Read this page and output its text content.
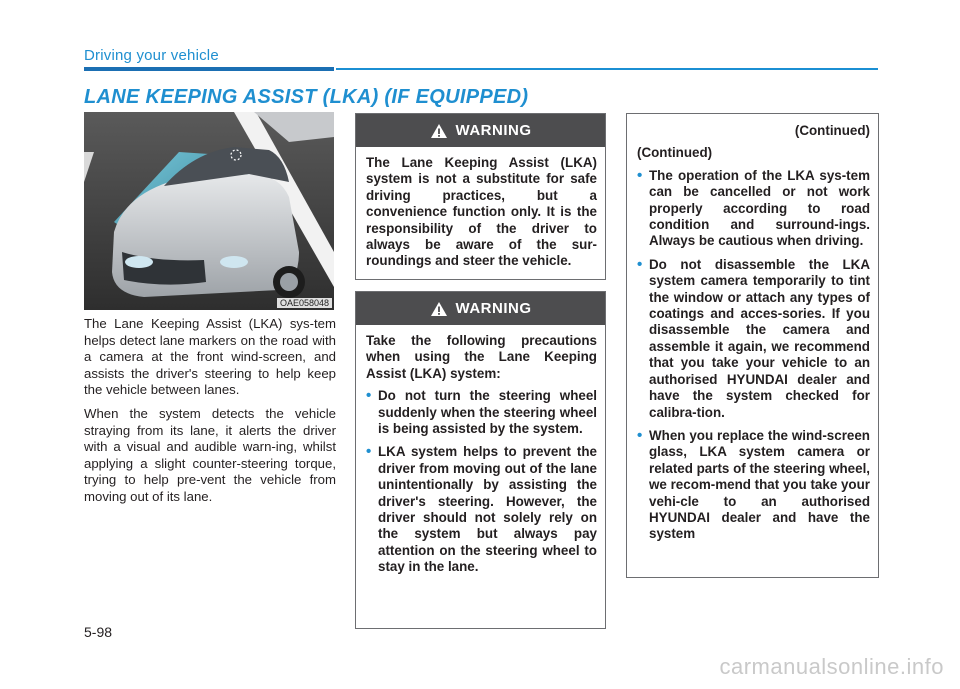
Driving your vehicle
LANE KEEPING ASSIST (LKA) (IF EQUIPPED)
OAE058048

The Lane Keeping Assist (LKA) sys-tem helps detect lane markers on the road with a camera at the front wind-screen, and assists the driver's steering to help keep the vehicle between lanes.

When the system detects the vehicle straying from its lane, it alerts the driver with a visual and audible warn-ing, whilst applying a slight counter-steering torque, trying to help pre-vent the vehicle from moving out of its lane.

WARNING

The Lane Keeping Assist (LKA) system is not a substitute for safe driving practices, but a convenience function only. It is the responsibility of the driver to always be aware of the sur-roundings and steer the vehicle.

WARNING

Take the following precautions when using the Lane Keeping Assist (LKA) system:

• Do not turn the steering wheel suddenly when the steering wheel is being assisted by the system.
• LKA system helps to prevent the driver from moving out of the lane unintentionally by assisting the driver's steering. However, the driver should not solely rely on the system but always pay attention on the steering wheel to stay in the lane.

(Continued)

(Continued)

• The operation of the LKA sys-tem can be cancelled or not work properly according to road condition and surround-ings. Always be cautious when driving.
• Do not disassemble the LKA system camera temporarily to tint the window or attach any types of coatings and acces-sories. If you disassemble the camera and assemble it again, we recommend that you take your vehicle to an authorised HYUNDAI dealer and have the system checked for calibra-tion.
• When you replace the wind-screen glass, LKA system camera or related parts of the steering wheel, we recom-mend that you take your vehi-cle to an authorised HYUNDAI dealer and have the system
5-98
carmanualsonline.info
